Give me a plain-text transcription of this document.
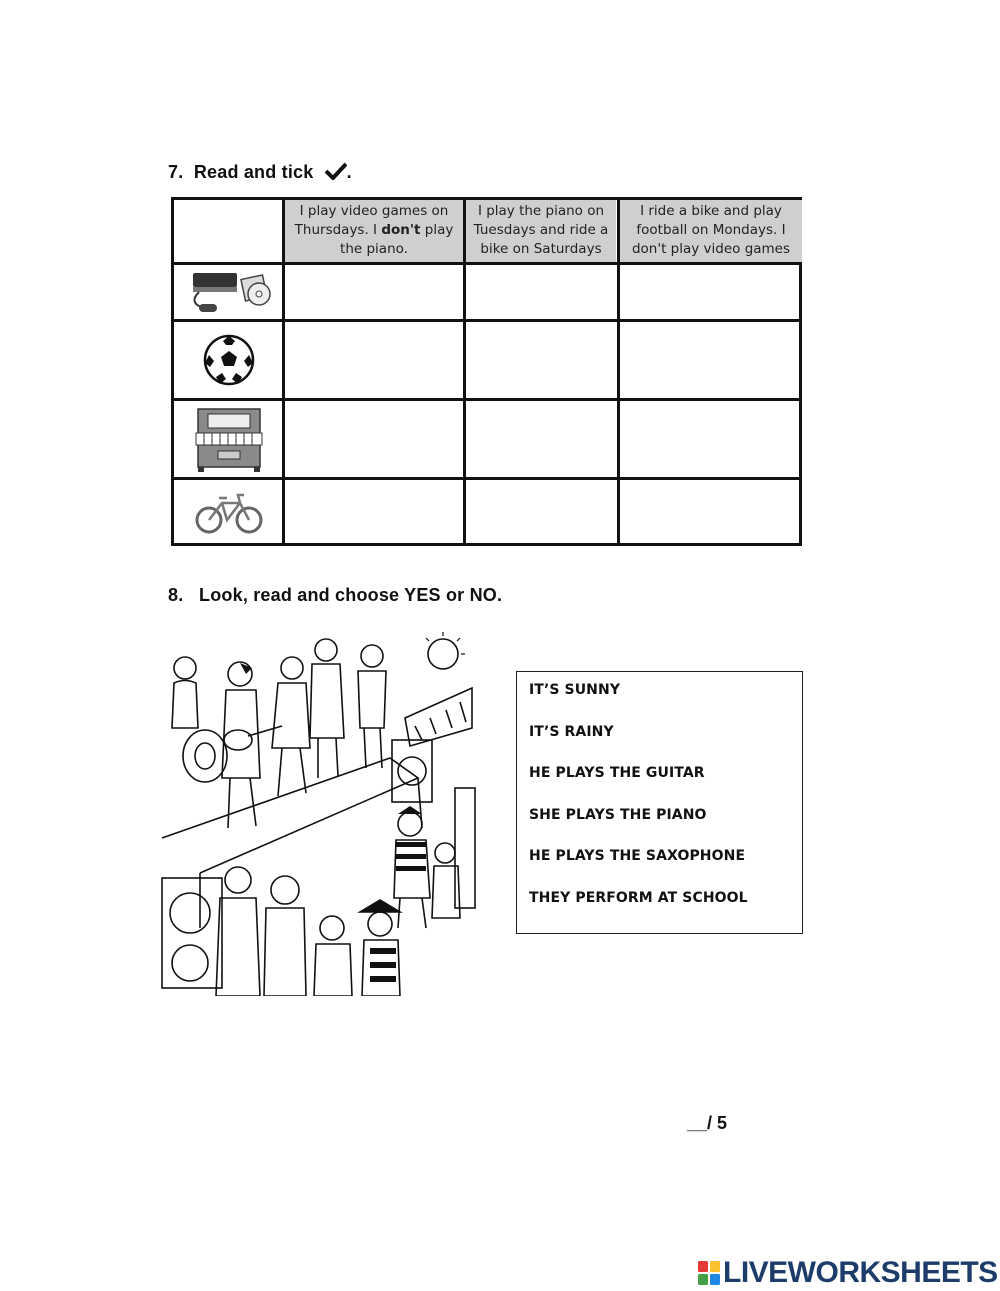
7. Read and tick .
I play video games on
Thursdays. I don't play
the piano.
I play the piano on
Tuesdays and ride a
bike on Saturdays
I ride a bike and play
football on Mondays. I
don't play video games
8. Look, read and choose YES or NO.
IT’S SUNNY
IT’S RAINY
HE PLAYS THE GUITAR
SHE PLAYS THE PIANO
HE PLAYS THE SAXOPHONE
THEY PERFORM AT SCHOOL
__/ 5
LIVEWORKSHEETS
